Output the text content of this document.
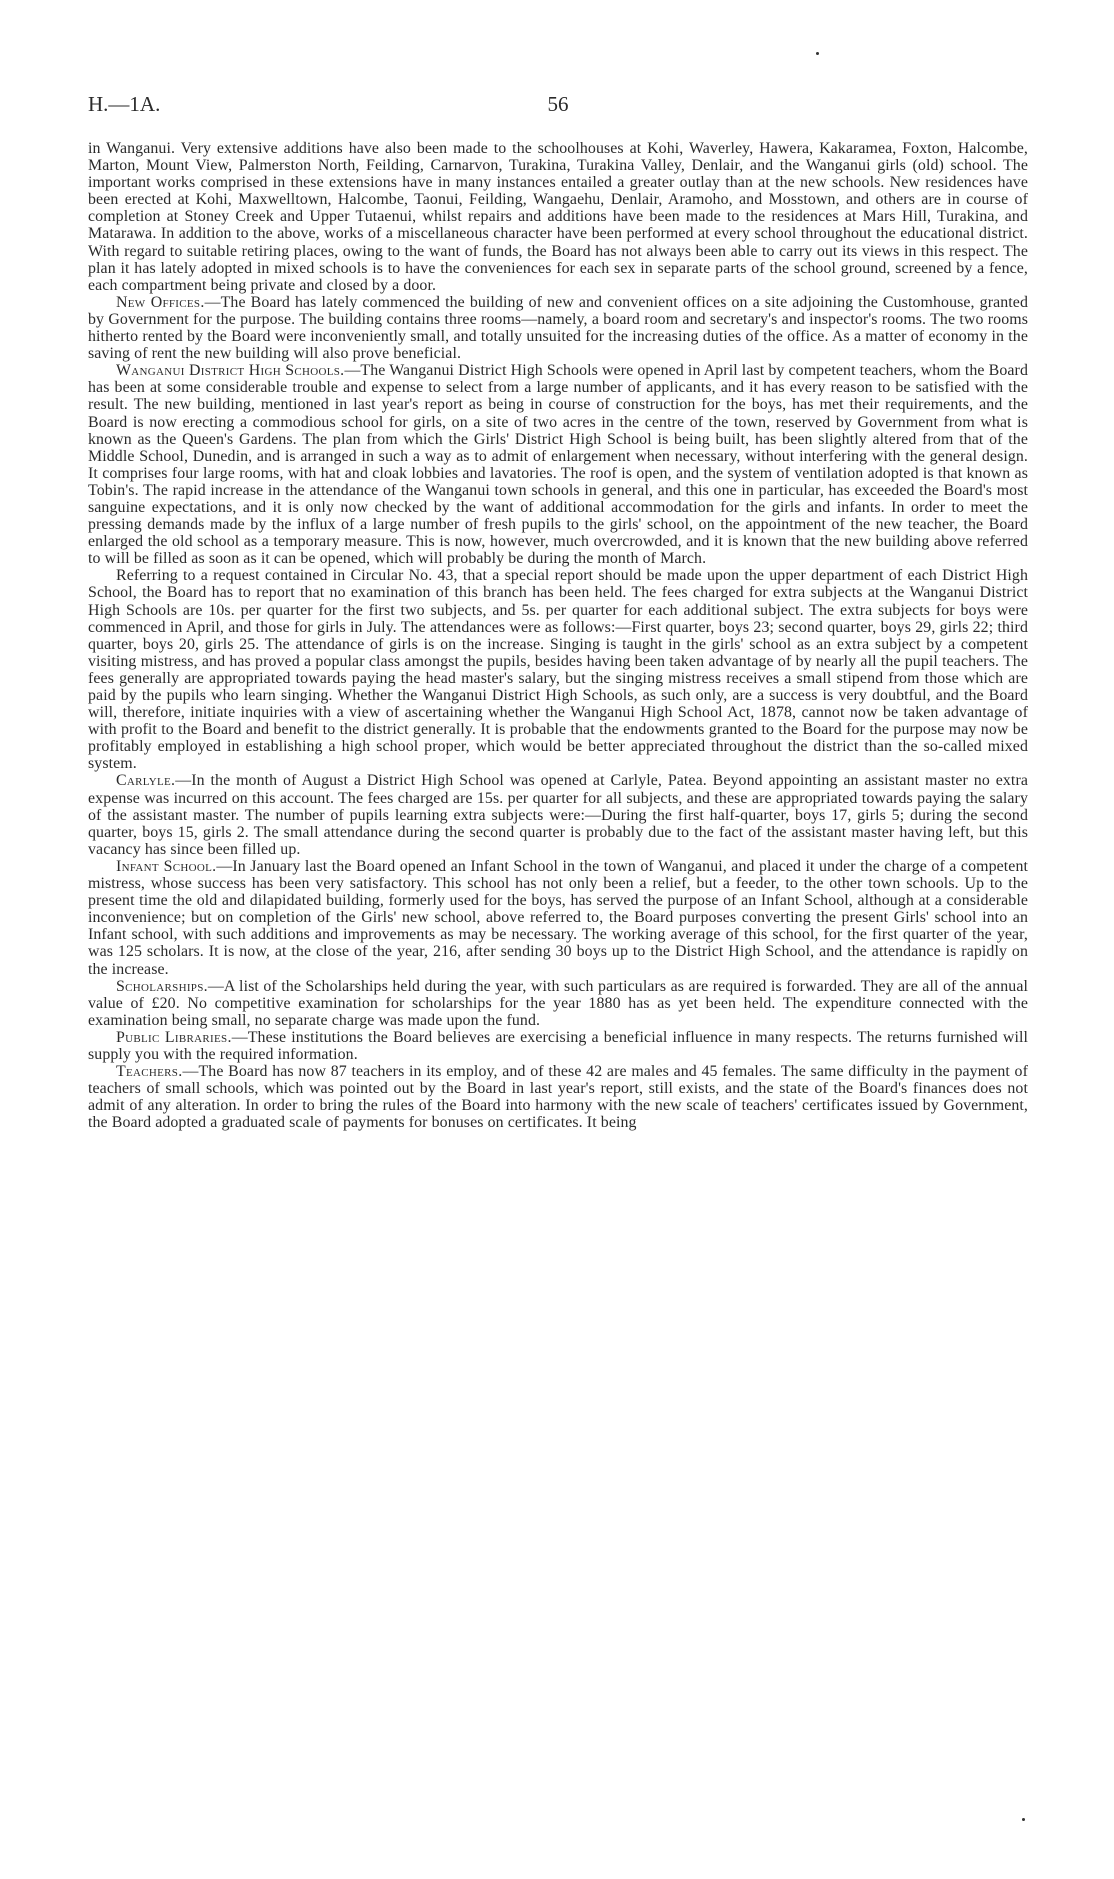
H.—1A.	56

in Wanganui. Very extensive additions have also been made to the schoolhouses at Kohi, Waverley, Hawera, Kakaramea, Foxton, Halcombe, Marton, Mount View, Palmerston North, Feilding, Carnarvon, Turakina, Turakina Valley, Denlair, and the Wanganui girls (old) school. The important works comprised in these extensions have in many instances entailed a greater outlay than at the new schools. New residences have been erected at Kohi, Maxwelltown, Halcombe, Taonui, Feilding, Wangaehu, Denlair, Aramoho, and Mosstown, and others are in course of completion at Stoney Creek and Upper Tutaenui, whilst repairs and additions have been made to the residences at Mars Hill, Turakina, and Matarawa. In addition to the above, works of a miscellaneous character have been performed at every school throughout the educational district. With regard to suitable retiring places, owing to the want of funds, the Board has not always been able to carry out its views in this respect. The plan it has lately adopted in mixed schools is to have the conveniences for each sex in separate parts of the school ground, screened by a fence, each compartment being private and closed by a door.

New Offices.—The Board has lately commenced the building of new and convenient offices on a site adjoining the Customhouse, granted by Government for the purpose. The building contains three rooms—namely, a board room and secretary's and inspector's rooms. The two rooms hitherto rented by the Board were inconveniently small, and totally unsuited for the increasing duties of the office. As a matter of economy in the saving of rent the new building will also prove beneficial.

Wanganui District High Schools.—The Wanganui District High Schools were opened in April last by competent teachers, whom the Board has been at some considerable trouble and expense to select from a large number of applicants, and it has every reason to be satisfied with the result. The new building, mentioned in last year's report as being in course of construction for the boys, has met their requirements, and the Board is now erecting a commodious school for girls, on a site of two acres in the centre of the town, reserved by Government from what is known as the Queen's Gardens. The plan from which the Girls' District High School is being built, has been slightly altered from that of the Middle School, Dunedin, and is arranged in such a way as to admit of enlargement when necessary, without interfering with the general design. It comprises four large rooms, with hat and cloak lobbies and lavatories. The roof is open, and the system of ventilation adopted is that known as Tobin's. The rapid increase in the attendance of the Wanganui town schools in general, and this one in particular, has exceeded the Board's most sanguine expectations, and it is only now checked by the want of additional accommodation for the girls and infants. In order to meet the pressing demands made by the influx of a large number of fresh pupils to the girls' school, on the appointment of the new teacher, the Board enlarged the old school as a temporary measure. This is now, however, much overcrowded, and it is known that the new building above referred to will be filled as soon as it can be opened, which will probably be during the month of March.

Referring to a request contained in Circular No. 43, that a special report should be made upon the upper department of each District High School, the Board has to report that no examination of this branch has been held. The fees charged for extra subjects at the Wanganui District High Schools are 10s. per quarter for the first two subjects, and 5s. per quarter for each additional subject. The extra subjects for boys were commenced in April, and those for girls in July. The attendances were as follows:—First quarter, boys 23; second quarter, boys 29, girls 22; third quarter, boys 20, girls 25. The attendance of girls is on the increase. Singing is taught in the girls' school as an extra subject by a competent visiting mistress, and has proved a popular class amongst the pupils, besides having been taken advantage of by nearly all the pupil teachers. The fees generally are appropriated towards paying the head master's salary, but the singing mistress receives a small stipend from those which are paid by the pupils who learn singing. Whether the Wanganui District High Schools, as such only, are a success is very doubtful, and the Board will, therefore, initiate inquiries with a view of ascertaining whether the Wanganui High School Act, 1878, cannot now be taken advantage of with profit to the Board and benefit to the district generally. It is probable that the endowments granted to the Board for the purpose may now be profitably employed in establishing a high school proper, which would be better appreciated throughout the district than the so-called mixed system.

Carlyle.—In the month of August a District High School was opened at Carlyle, Patea. Beyond appointing an assistant master no extra expense was incurred on this account. The fees charged are 15s. per quarter for all subjects, and these are appropriated towards paying the salary of the assistant master. The number of pupils learning extra subjects were:—During the first half-quarter, boys 17, girls 5; during the second quarter, boys 15, girls 2. The small attendance during the second quarter is probably due to the fact of the assistant master having left, but this vacancy has since been filled up.

Infant School.—In January last the Board opened an Infant School in the town of Wanganui, and placed it under the charge of a competent mistress, whose success has been very satisfactory. This school has not only been a relief, but a feeder, to the other town schools. Up to the present time the old and dilapidated building, formerly used for the boys, has served the purpose of an Infant School, although at a considerable inconvenience; but on completion of the Girls' new school, above referred to, the Board purposes converting the present Girls' school into an Infant school, with such additions and improvements as may be necessary. The working average of this school, for the first quarter of the year, was 125 scholars. It is now, at the close of the year, 216, after sending 30 boys up to the District High School, and the attendance is rapidly on the increase.

Scholarships.—A list of the Scholarships held during the year, with such particulars as are required is forwarded. They are all of the annual value of £20. No competitive examination for scholarships for the year 1880 has as yet been held. The expenditure connected with the examination being small, no separate charge was made upon the fund.

Public Libraries.—These institutions the Board believes are exercising a beneficial influence in many respects. The returns furnished will supply you with the required information.

Teachers.—The Board has now 87 teachers in its employ, and of these 42 are males and 45 females. The same difficulty in the payment of teachers of small schools, which was pointed out by the Board in last year's report, still exists, and the state of the Board's finances does not admit of any alteration. In order to bring the rules of the Board into harmony with the new scale of teachers' certificates issued by Government, the Board adopted a graduated scale of payments for bonuses on certificates. It being
